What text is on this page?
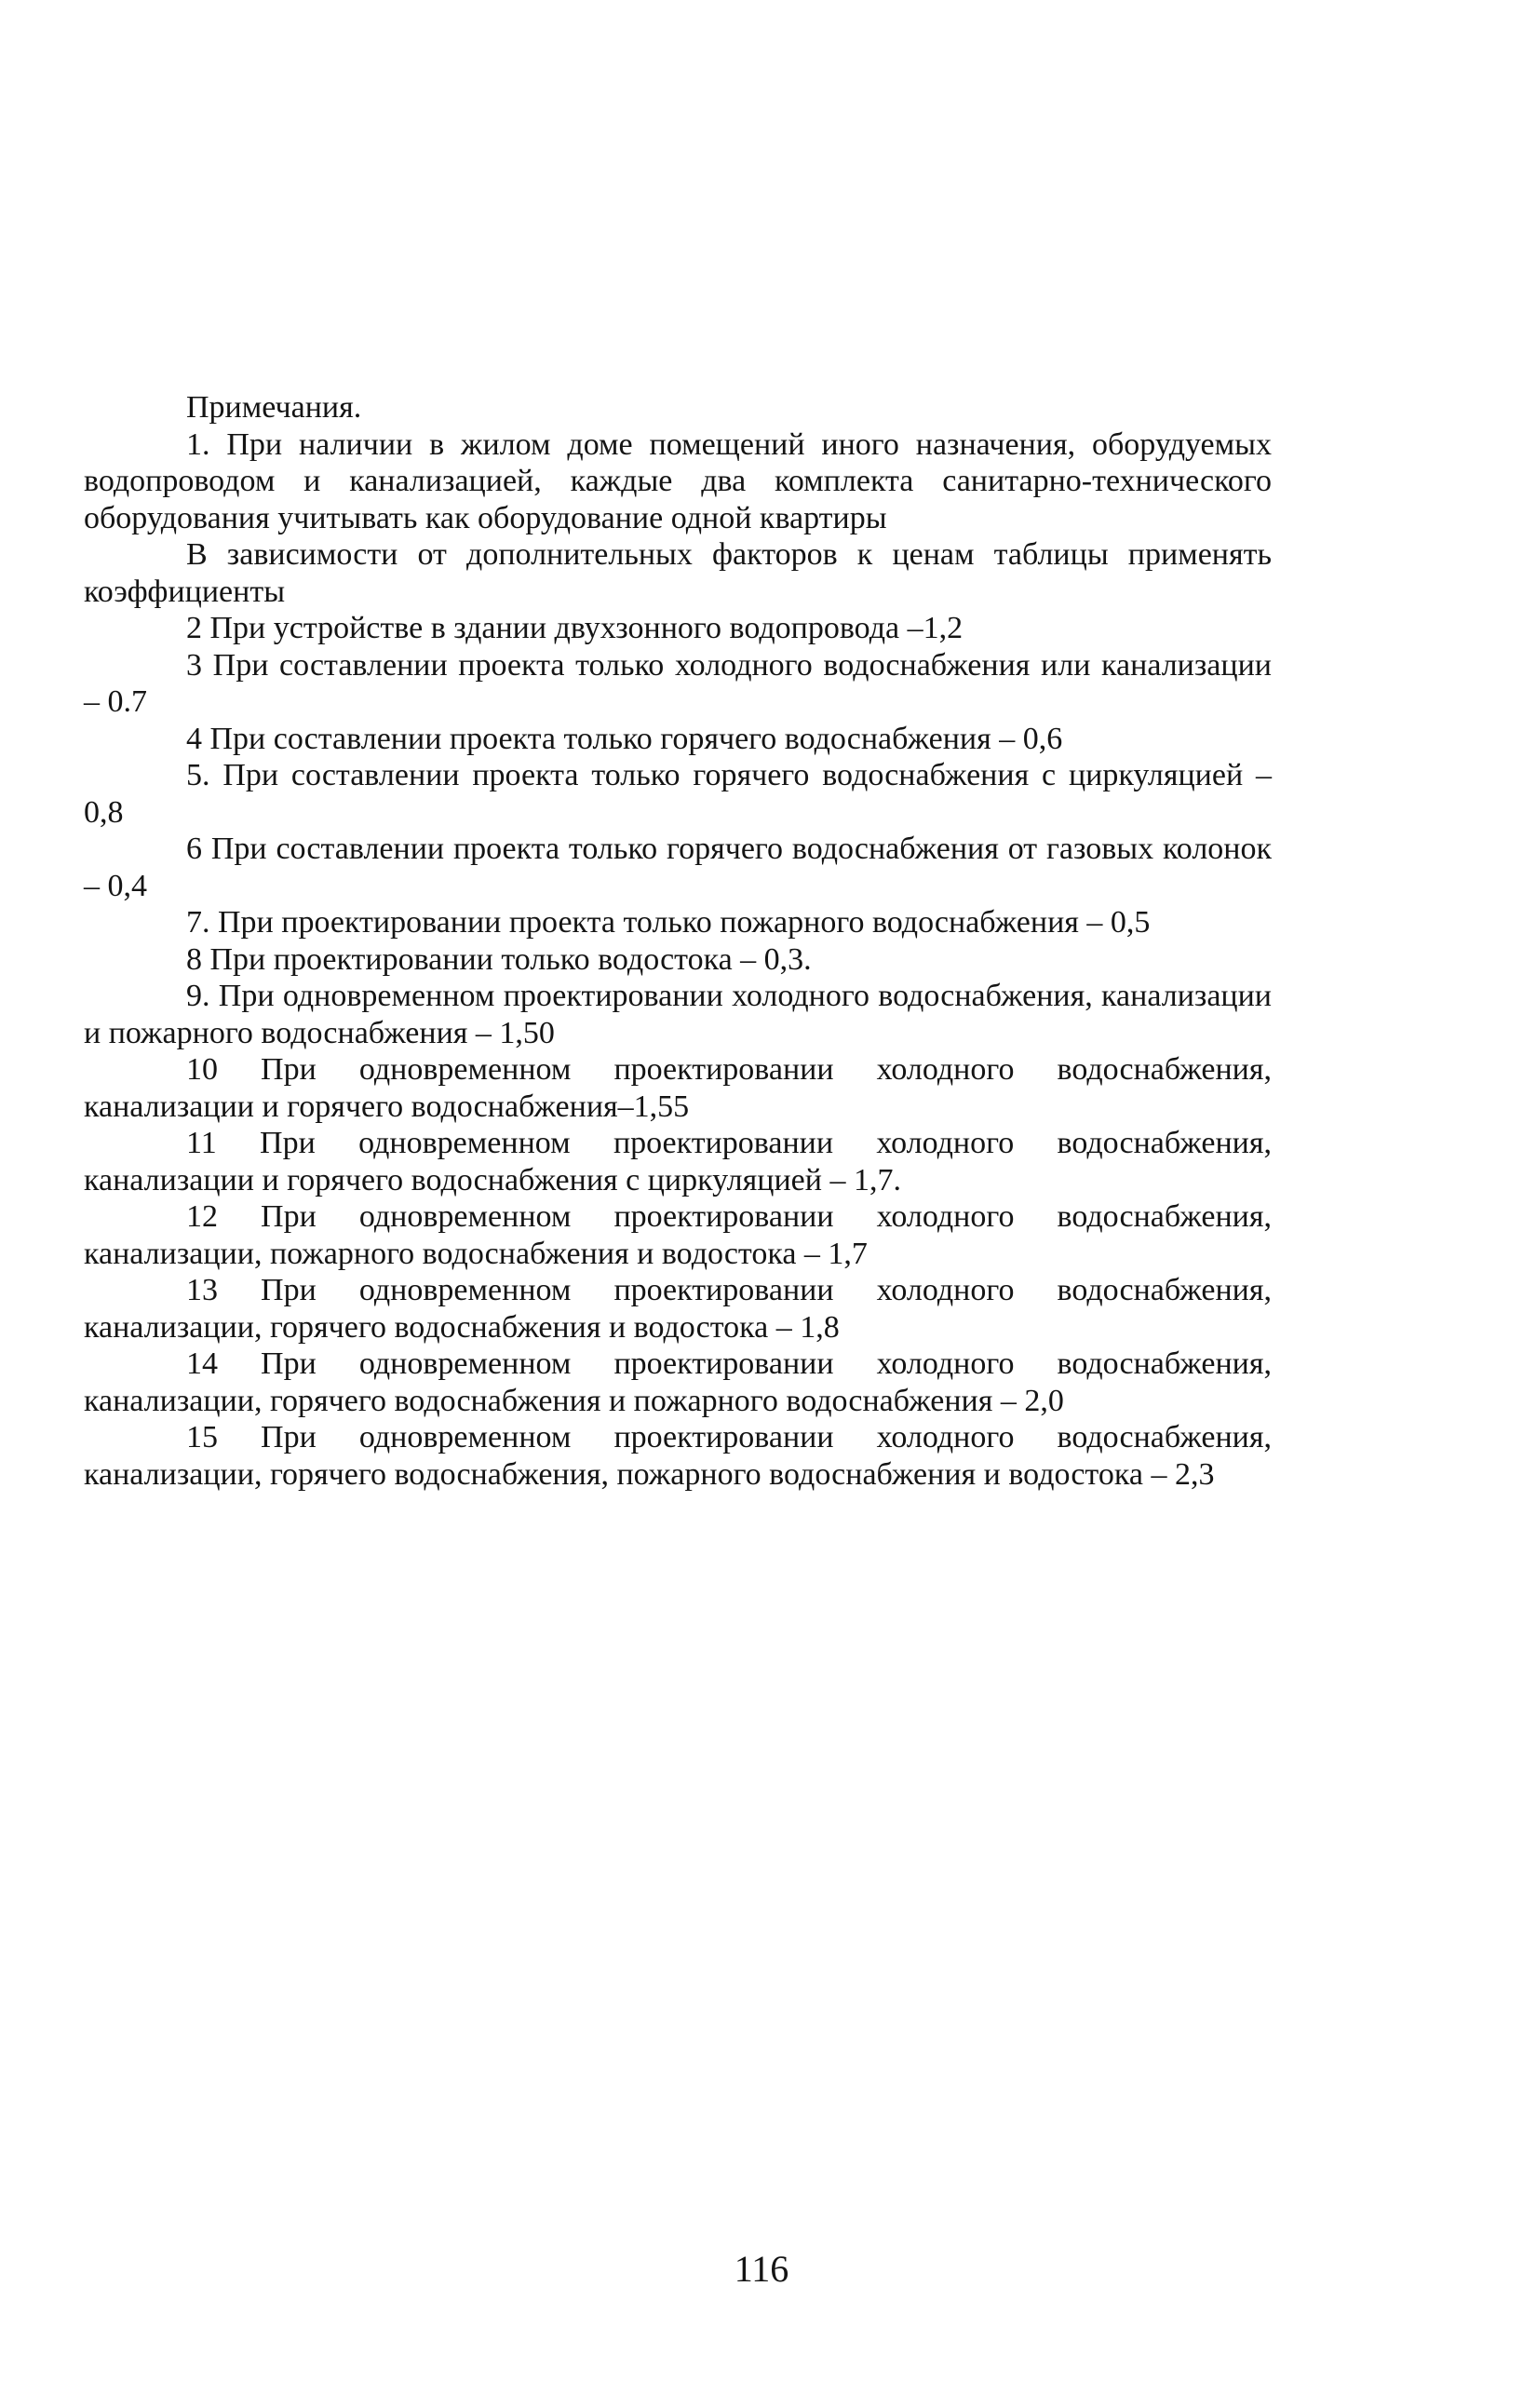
Примечания.

1. При наличии в жилом доме помещений иного назначения, оборудуемых водопроводом и канализацией, каждые два комплекта санитарно-технического оборудования учитывать как оборудование одной квартиры

В зависимости от дополнительных факторов к ценам таблицы применять коэффициенты

2 При устройстве в здании двухзонного водопровода –1,2

3 При составлении проекта только холодного водоснабжения или канализации – 0.7

4 При составлении проекта только горячего водоснабжения – 0,6

5. При составлении проекта только горячего водоснабжения с циркуляцией – 0,8

6 При составлении проекта только горячего водоснабжения от газовых колонок – 0,4

7. При проектировании проекта только пожарного водоснабжения – 0,5

8 При проектировании только водостока – 0,3.

9. При одновременном проектировании холодного водоснабжения, канализации и пожарного водоснабжения – 1,50

10 При одновременном проектировании холодного водоснабжения, канализации и горячего водоснабжения–1,55

11 При одновременном проектировании холодного водоснабжения, канализации и горячего водоснабжения с циркуляцией – 1,7.

12 При одновременном проектировании холодного водоснабжения, канализации, пожарного водоснабжения и водостока – 1,7

13 При одновременном проектировании холодного водоснабжения, канализации, горячего водоснабжения и водостока – 1,8

14 При одновременном проектировании холодного водоснабжения, канализации, горячего водоснабжения и пожарного водоснабжения – 2,0

15 При одновременном проектировании холодного водоснабжения, канализации, горячего водоснабжения, пожарного водоснабжения и водостока – 2,3

116
